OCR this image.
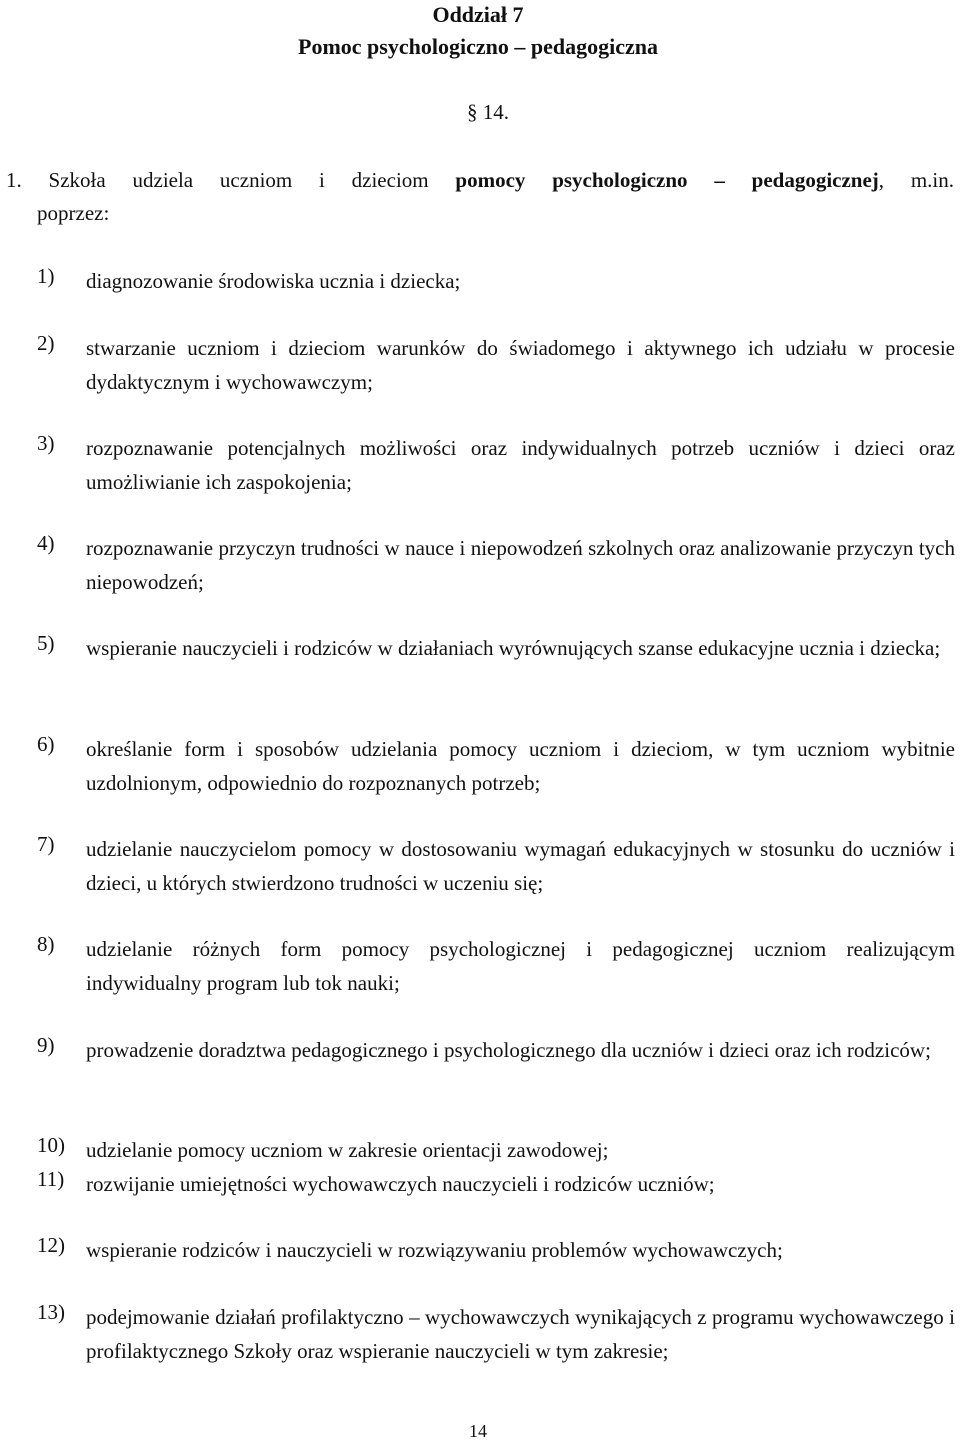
Oddział 7
Pomoc psychologiczno – pedagogiczna
§ 14.
1. Szkoła udziela uczniom i dzieciom pomocy psychologiczno – pedagogicznej, m.in.
poprzez:
1)	diagnozowanie środowiska ucznia i dziecka;
2)	stwarzanie uczniom i dzieciom warunków do świadomego i aktywnego ich udziału w procesie dydaktycznym i wychowawczym;
3)	rozpoznawanie potencjalnych możliwości oraz indywidualnych potrzeb uczniów i dzieci oraz umożliwianie ich zaspokojenia;
4)	rozpoznawanie przyczyn trudności w nauce i niepowodzeń szkolnych oraz analizowanie przyczyn tych niepowodzeń;
5)	wspieranie nauczycieli i rodziców w działaniach wyrównujących szanse edukacyjne ucznia i dziecka;
6)	określanie form i sposobów udzielania pomocy uczniom i dzieciom, w tym uczniom wybitnie uzdolnionym, odpowiednio do rozpoznanych potrzeb;
7)	udzielanie nauczycielom pomocy w dostosowaniu wymagań edukacyjnych w stosunku do uczniów i dzieci, u których stwierdzono trudności w uczeniu się;
8)	udzielanie różnych form pomocy psychologicznej i pedagogicznej uczniom realizującym indywidualny program lub tok nauki;
9)	prowadzenie doradztwa pedagogicznego i psychologicznego dla uczniów i dzieci oraz ich rodziców;
10)	udzielanie pomocy uczniom w zakresie orientacji zawodowej;
11)	rozwijanie umiejętności wychowawczych nauczycieli i rodziców uczniów;
12)	wspieranie rodziców i nauczycieli w rozwiązywaniu problemów wychowawczych;
13)	podejmowanie działań profilaktyczno – wychowawczych wynikających z programu wychowawczego i profilaktycznego Szkoły oraz wspieranie nauczycieli w tym zakresie;
14
